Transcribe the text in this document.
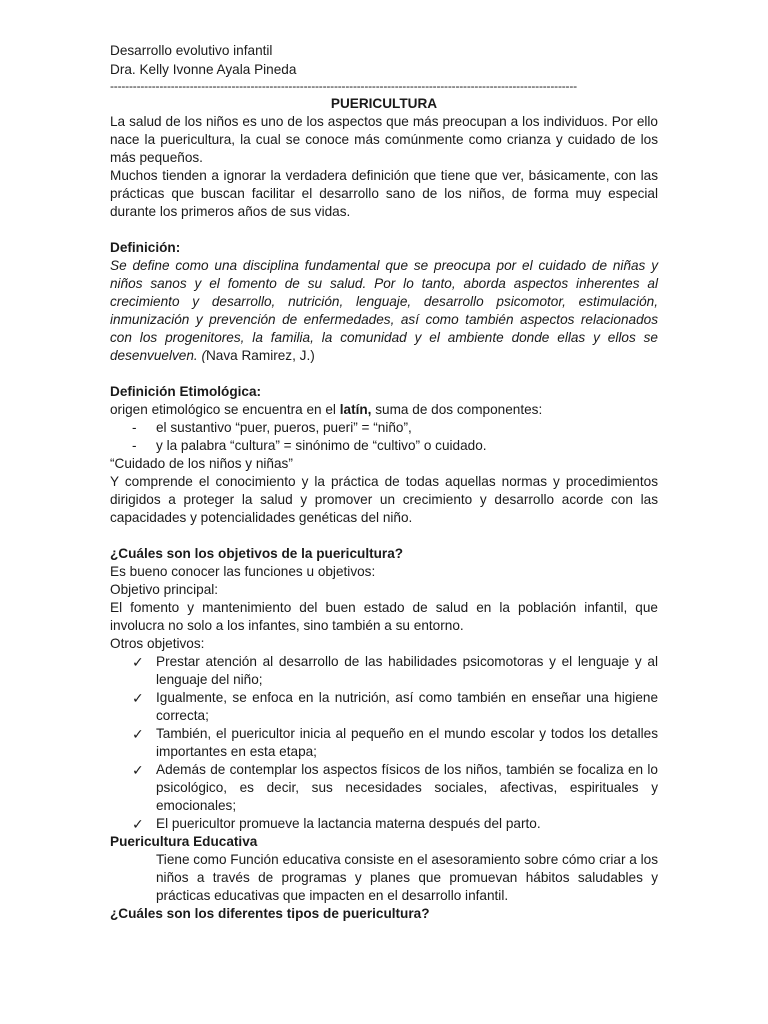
Desarrollo evolutivo infantil

Dra. Kelly Ivonne Ayala Pineda

---------------------------------------------------------------------------------------------------------------------------

PUERICULTURA

La salud de los niños es uno de los aspectos que más preocupan a los individuos. Por ello nace la puericultura, la cual se conoce más comúnmente como crianza y cuidado de los más pequeños.

Muchos tienden a ignorar la verdadera definición que tiene que ver, básicamente, con las prácticas que buscan facilitar el desarrollo sano de los niños, de forma muy especial durante los primeros años de sus vidas.

Definición:

Se define como una disciplina fundamental que se preocupa por el cuidado de niñas y niños sanos y el fomento de su salud. Por lo tanto, aborda aspectos inherentes al crecimiento y desarrollo, nutrición, lenguaje, desarrollo psicomotor, estimulación, inmunización y prevención de enfermedades, así como también aspectos relacionados con los progenitores, la familia, la comunidad y el ambiente donde ellas y ellos se desenvuelven. (Nava Ramirez, J.)

Definición Etimológica:

origen etimológico se encuentra en el latín, suma de dos componentes:

- el sustantivo “puer, pueros, pueri” = “niño”,
- y la palabra “cultura” = sinónimo de “cultivo” o cuidado.

“Cuidado de los niños y niñas”

Y comprende el conocimiento y la práctica de todas aquellas normas y procedimientos dirigidos a proteger la salud y promover un crecimiento y desarrollo acorde con las capacidades y potencialidades genéticas del niño.

¿Cuáles son los objetivos de la puericultura?

Es bueno conocer las funciones u objetivos:

Objetivo principal:

El fomento y mantenimiento del buen estado de salud en la población infantil, que involucra no solo a los infantes, sino también a su entorno.

Otros objetivos:

✓ Prestar atención al desarrollo de las habilidades psicomotoras y el lenguaje y al lenguaje del niño;
✓ Igualmente, se enfoca en la nutrición, así como también en enseñar una higiene correcta;
✓ También, el puericultor inicia al pequeño en el mundo escolar y todos los detalles importantes en esta etapa;
✓ Además de contemplar los aspectos físicos de los niños, también se focaliza en lo psicológico, es decir, sus necesidades sociales, afectivas, espirituales y emocionales;
✓ El puericultor promueve la lactancia materna después del parto.

Puericultura Educativa

Tiene como Función educativa consiste en el asesoramiento sobre cómo criar a los niños a través de programas y planes que promuevan hábitos saludables y prácticas educativas que impacten en el desarrollo infantil.

¿Cuáles son los diferentes tipos de puericultura?
